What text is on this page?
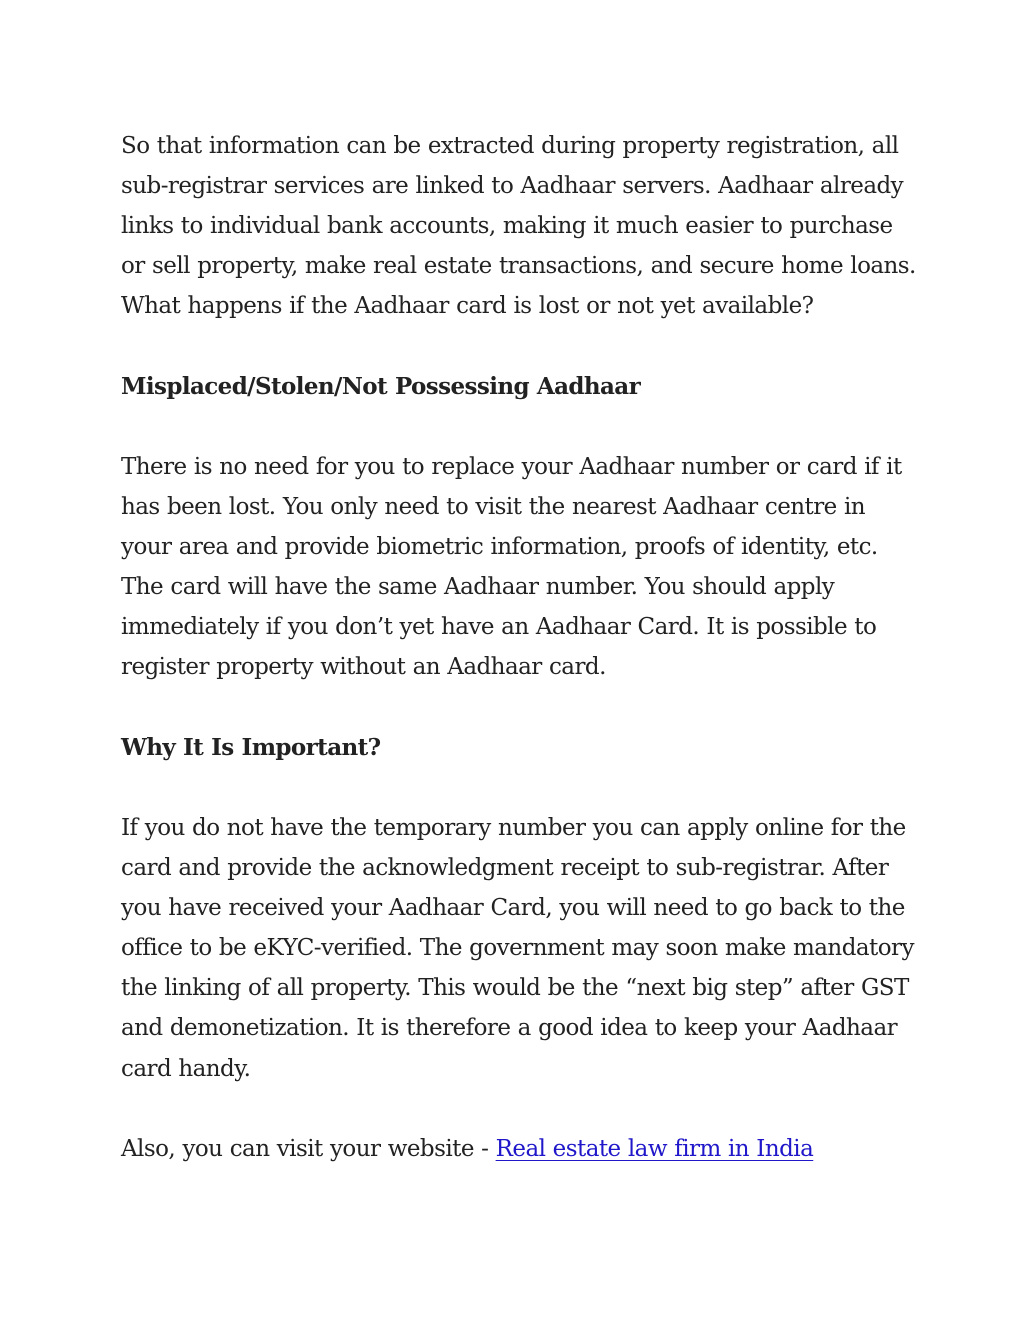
So that information can be extracted during property registration, all sub-registrar services are linked to Aadhaar servers. Aadhaar already links to individual bank accounts, making it much easier to purchase or sell property, make real estate transactions, and secure home loans. What happens if the Aadhaar card is lost or not yet available?

Misplaced/Stolen/Not Possessing Aadhaar

There is no need for you to replace your Aadhaar number or card if it has been lost. You only need to visit the nearest Aadhaar centre in your area and provide biometric information, proofs of identity, etc. The card will have the same Aadhaar number. You should apply immediately if you don’t yet have an Aadhaar Card. It is possible to register property without an Aadhaar card.

Why It Is Important?

If you do not have the temporary number you can apply online for the card and provide the acknowledgment receipt to sub-registrar. After you have received your Aadhaar Card, you will need to go back to the office to be eKYC-verified. The government may soon make mandatory the linking of all property. This would be the “next big step” after GST and demonetization. It is therefore a good idea to keep your Aadhaar card handy.

Also, you can visit your website - Real estate law firm in India
